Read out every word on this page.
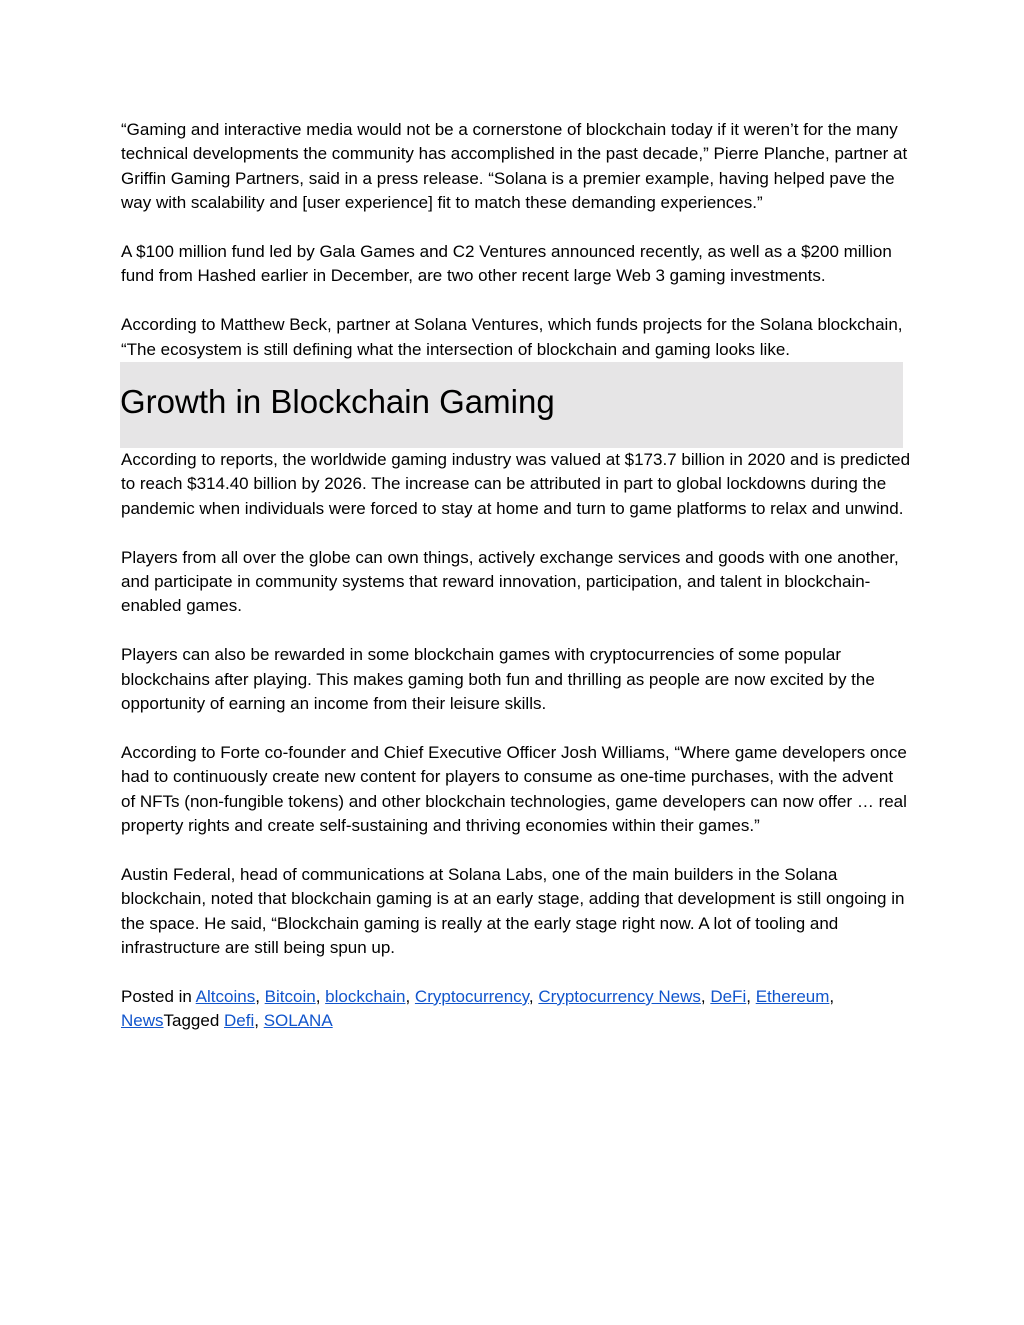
“Gaming and interactive media would not be a cornerstone of blockchain today if it weren’t for the many technical developments the community has accomplished in the past decade,” Pierre Planche, partner at Griffin Gaming Partners, said in a press release. “Solana is a premier example, having helped pave the way with scalability and [user experience] fit to match these demanding experiences.”

A $100 million fund led by Gala Games and C2 Ventures announced recently, as well as a $200 million fund from Hashed earlier in December, are two other recent large Web 3 gaming investments.

According to Matthew Beck, partner at Solana Ventures, which funds projects for the Solana blockchain, “The ecosystem is still defining what the intersection of blockchain and gaming looks like.

Growth in Blockchain Gaming

According to reports, the worldwide gaming industry was valued at $173.7 billion in 2020 and is predicted to reach $314.40 billion by 2026. The increase can be attributed in part to global lockdowns during the pandemic when individuals were forced to stay at home and turn to game platforms to relax and unwind.

Players from all over the globe can own things, actively exchange services and goods with one another, and participate in community systems that reward innovation, participation, and talent in blockchain-enabled games.

Players can also be rewarded in some blockchain games with cryptocurrencies of some popular blockchains after playing. This makes gaming both fun and thrilling as people are now excited by the opportunity of earning an income from their leisure skills.

According to Forte co-founder and Chief Executive Officer Josh Williams, “Where game developers once had to continuously create new content for players to consume as one-time purchases, with the advent of NFTs (non-fungible tokens) and other blockchain technologies, game developers can now offer … real property rights and create self-sustaining and thriving economies within their games.”

Austin Federal, head of communications at Solana Labs, one of the main builders in the Solana blockchain, noted that blockchain gaming is at an early stage, adding that development is still ongoing in the space. He said, “Blockchain gaming is really at the early stage right now. A lot of tooling and infrastructure are still being spun up.

Posted in Altcoins, Bitcoin, blockchain, Cryptocurrency, Cryptocurrency News, DeFi, Ethereum, NewsTagged Defi, SOLANA
